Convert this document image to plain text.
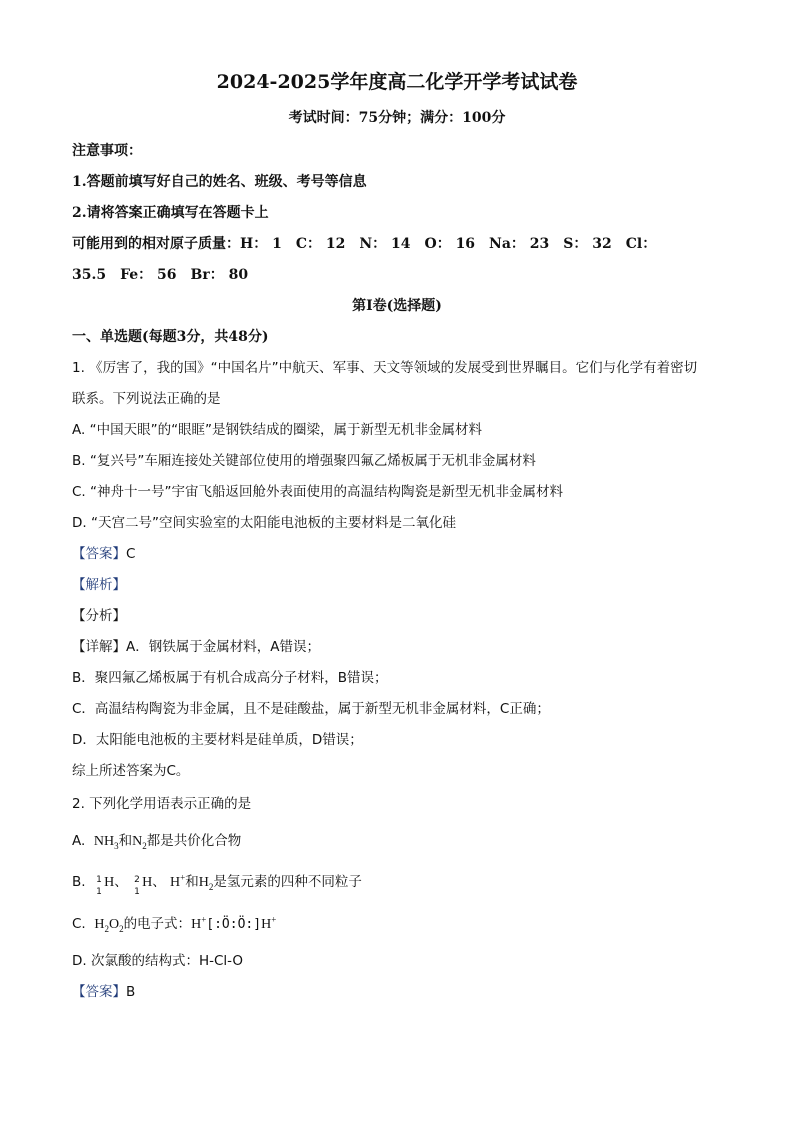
2024-2025学年度高二化学开学考试试卷
考试时间：75分钟；满分：100分
注意事项：
1.答题前填写好自己的姓名、班级、考号等信息
2.请将答案正确填写在答题卡上
可能用到的相对原子质量：H： 1　C： 12　N： 14　O： 16　Na： 23　S： 32　Cl：
35.5　Fe： 56　Br： 80
第I卷(选择题)
一、单选题(每题3分，共48分)
1. 《厉害了，我的国》“中国名片”中航天、军事、天文等领域的发展受到世界瞩目。它们与化学有着密切
联系。下列说法正确的是
A. “中国天眼”的“眼眶”是钢铁结成的圈梁，属于新型无机非金属材料
B. “复兴号”车厢连接处关键部位使用的增强聚四氟乙烯板属于无机非金属材料
C. “神舟十一号”宇宙飞船返回舱外表面使用的高温结构陶瓷是新型无机非金属材料
D. “天宫二号”空间实验室的太阳能电池板的主要材料是二氧化硅
【答案】C
【解析】
【分析】
【详解】A．钢铁属于金属材料，A错误；
B．聚四氟乙烯板属于有机合成高分子材料，B错误；
C．高温结构陶瓷为非金属，且不是硅酸盐，属于新型无机非金属材料，C正确；
D．太阳能电池板的主要材料是硅单质，D错误；
综上所述答案为C。
2. 下列化学用语表示正确的是
A. $NH_3$和$N_2$都是共价化合物
B. 1
1
H、 2
1
H、 H+和$H_2$是氢元素的四种不同粒子
C. $H_2O_2$的电子式：H+[:Ö:Ö:]H+
D. 次氯酸的结构式：H-Cl-O
【答案】B
